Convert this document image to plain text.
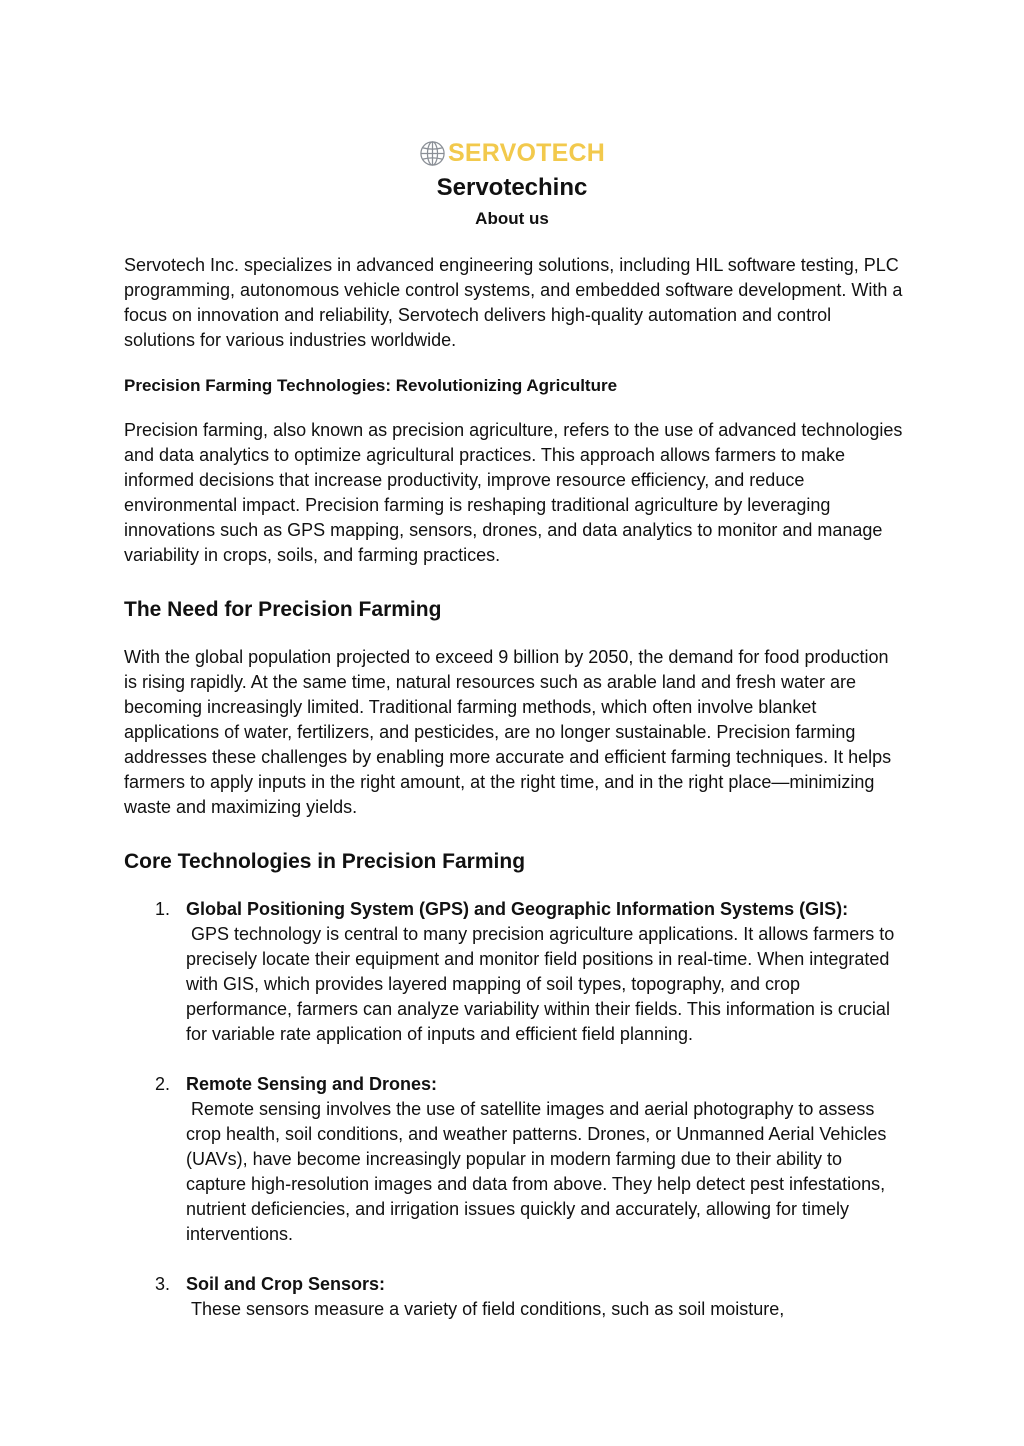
SERVOTECH
Servotechinc
About us

Servotech Inc. specializes in advanced engineering solutions, including HIL software testing, PLC programming, autonomous vehicle control systems, and embedded software development. With a focus on innovation and reliability, Servotech delivers high-quality automation and control solutions for various industries worldwide.

Precision Farming Technologies: Revolutionizing Agriculture

Precision farming, also known as precision agriculture, refers to the use of advanced technologies and data analytics to optimize agricultural practices. This approach allows farmers to make informed decisions that increase productivity, improve resource efficiency, and reduce environmental impact. Precision farming is reshaping traditional agriculture by leveraging innovations such as GPS mapping, sensors, drones, and data analytics to monitor and manage variability in crops, soils, and farming practices.

The Need for Precision Farming

With the global population projected to exceed 9 billion by 2050, the demand for food production is rising rapidly. At the same time, natural resources such as arable land and fresh water are becoming increasingly limited. Traditional farming methods, which often involve blanket applications of water, fertilizers, and pesticides, are no longer sustainable. Precision farming addresses these challenges by enabling more accurate and efficient farming techniques. It helps farmers to apply inputs in the right amount, at the right time, and in the right place—minimizing waste and maximizing yields.

Core Technologies in Precision Farming
1. Global Positioning System (GPS) and Geographic Information Systems (GIS):
GPS technology is central to many precision agriculture applications. It allows farmers to precisely locate their equipment and monitor field positions in real-time. When integrated with GIS, which provides layered mapping of soil types, topography, and crop performance, farmers can analyze variability within their fields. This information is crucial for variable rate application of inputs and efficient field planning.
2. Remote Sensing and Drones:
Remote sensing involves the use of satellite images and aerial photography to assess crop health, soil conditions, and weather patterns. Drones, or Unmanned Aerial Vehicles (UAVs), have become increasingly popular in modern farming due to their ability to capture high-resolution images and data from above. They help detect pest infestations, nutrient deficiencies, and irrigation issues quickly and accurately, allowing for timely interventions.
3. Soil and Crop Sensors:
These sensors measure a variety of field conditions, such as soil moisture,
